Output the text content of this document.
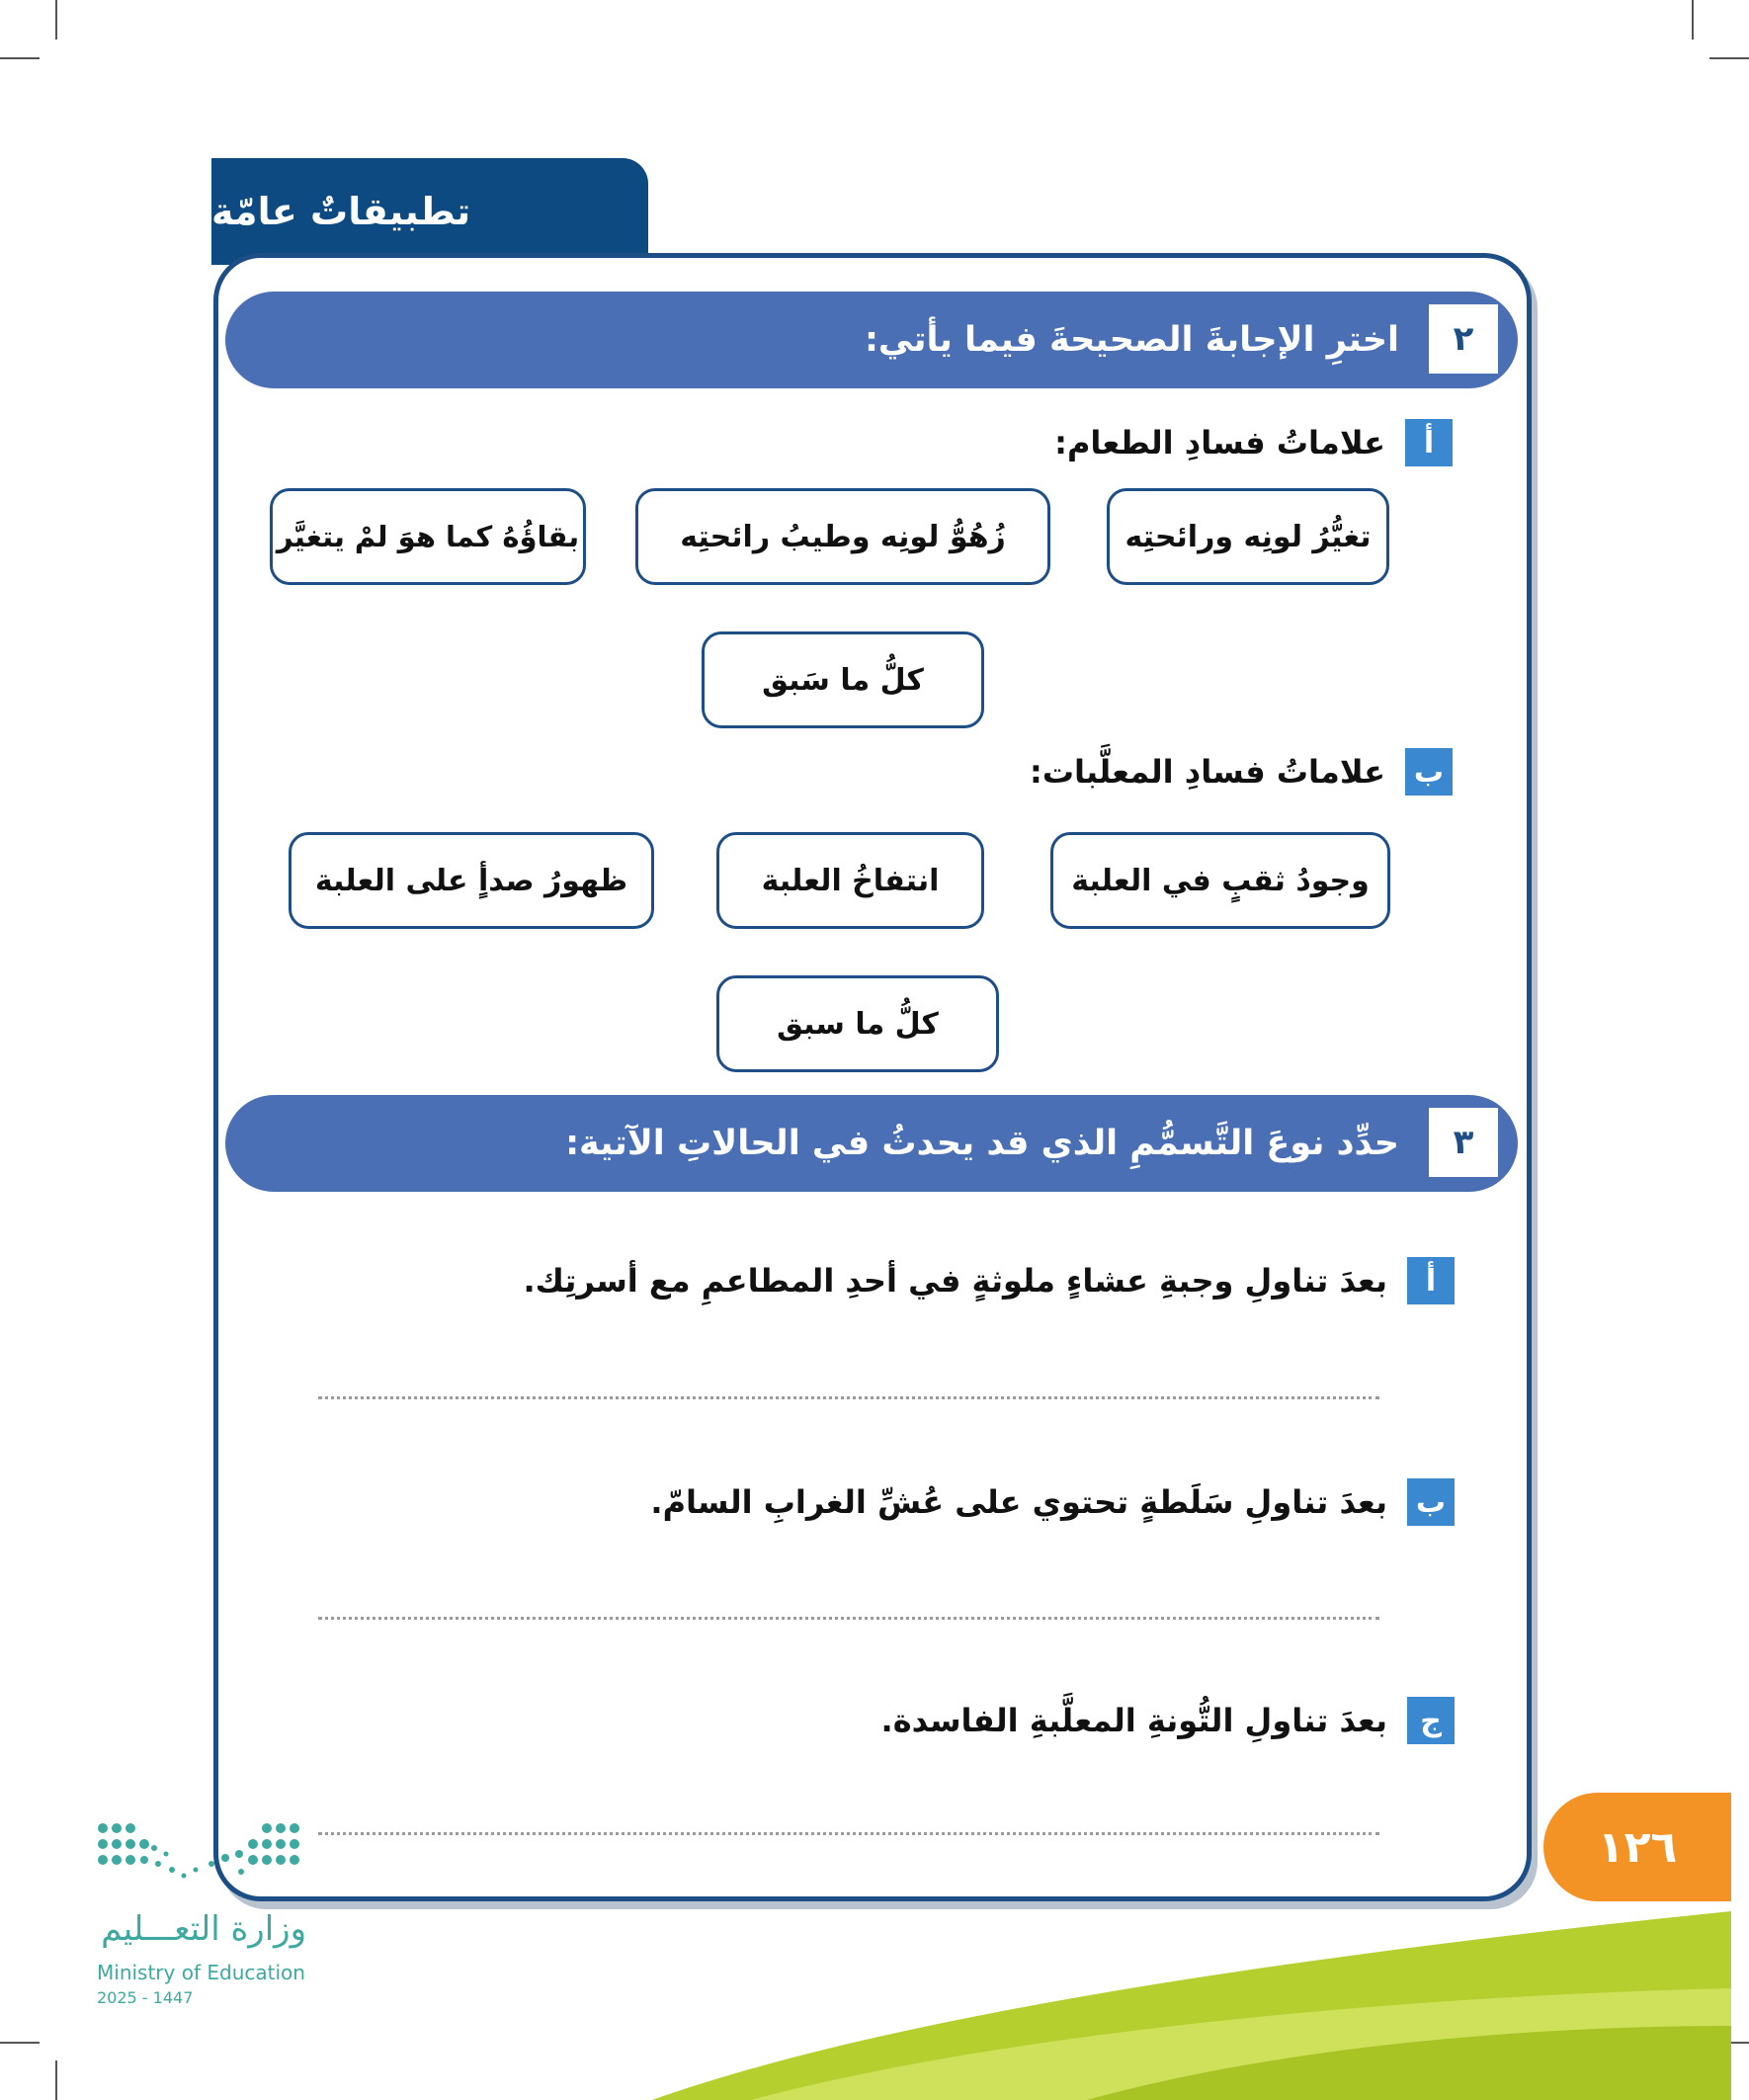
تطبيقاتٌ عامّة
٢
اخترِ الإجابةَ الصحيحةَ فيما يأتي:
أ
علاماتُ فسادِ الطعام:
تغيُّرُ لونِه ورائحتِه
زُهُوُّ لونِه وطيبُ رائحتِه
بقاؤُهُ كما هوَ لمْ يتغيَّر
كلُّ ما سَبق
ب
علاماتُ فسادِ المعلَّبات:
وجودُ ثقبٍ في العلبة
انتفاخُ العلبة
ظهورُ صدأٍ على العلبة
كلُّ ما سبق
٣
حدِّد نوعَ التَّسمُّمِ الذي قد يحدثُ في الحالاتِ الآتية:
أ
بعدَ تناولِ وجبةِ عشاءٍ ملوثةٍ في أحدِ المطاعمِ مع أسرتِك.
ب
بعدَ تناولِ سَلَطةٍ تحتوي على عُشِّ الغرابِ السامّ.
ج
بعدَ تناولِ التُّونةِ المعلَّبةِ الفاسدة.
١٢٦
وزارة التعـــليم
Ministry of Education
2025 - 1447
